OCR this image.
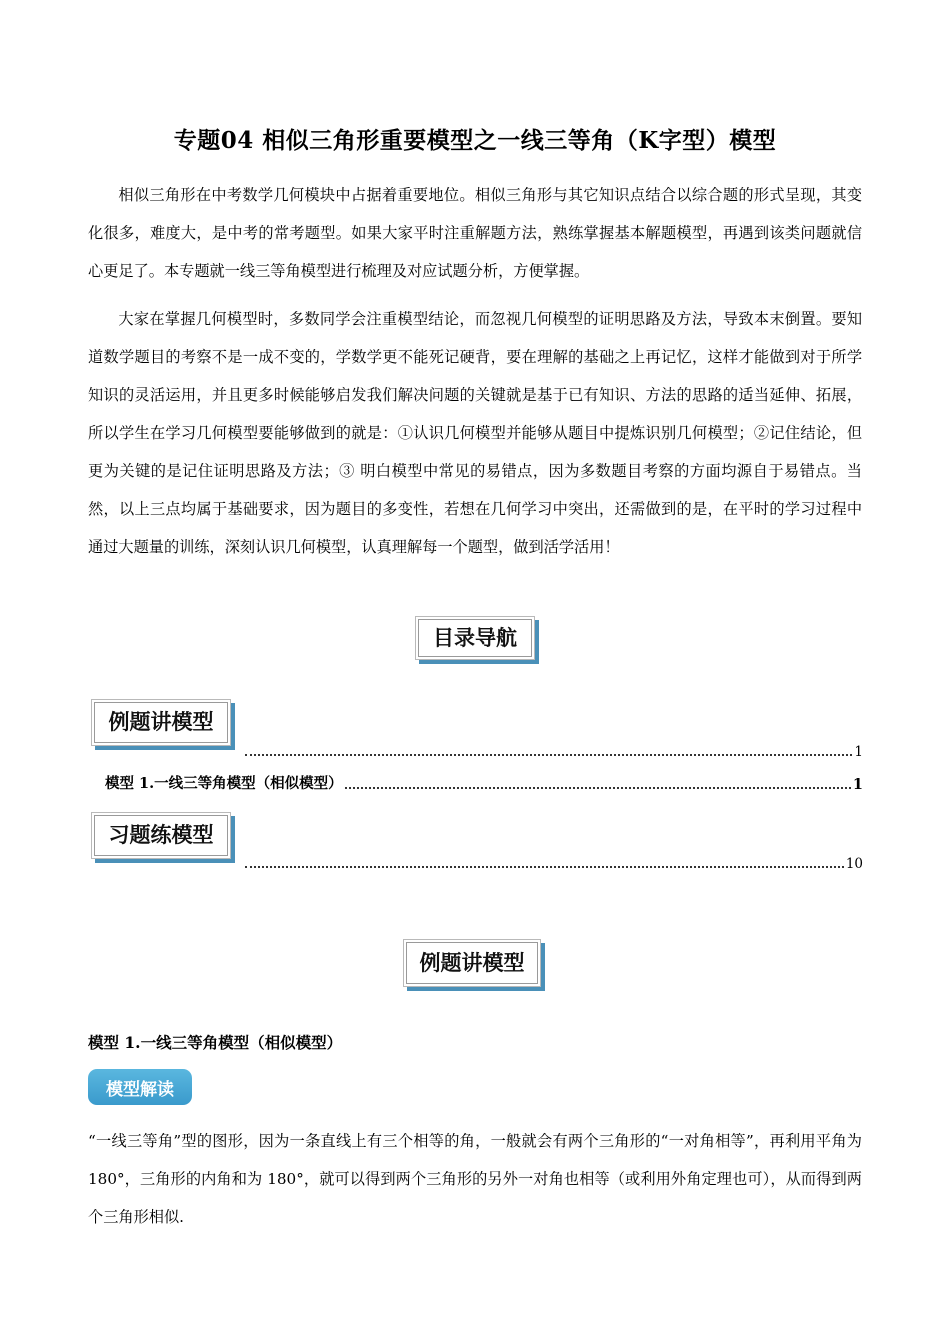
专题04 相似三角形重要模型之一线三等角（K字型）模型

相似三角形在中考数学几何模块中占据着重要地位。相似三角形与其它知识点结合以综合题的形式呈现，其变化很多，难度大，是中考的常考题型。如果大家平时注重解题方法，熟练掌握基本解题模型，再遇到该类问题就信心更足了。本专题就一线三等角模型进行梳理及对应试题分析，方便掌握。

大家在掌握几何模型时，多数同学会注重模型结论，而忽视几何模型的证明思路及方法，导致本末倒置。要知道数学题目的考察不是一成不变的，学数学更不能死记硬背，要在理解的基础之上再记忆，这样才能做到对于所学知识的灵活运用，并且更多时候能够启发我们解决问题的关键就是基于已有知识、方法的思路的适当延伸、拓展，所以学生在学习几何模型要能够做到的就是：①认识几何模型并能够从题目中提炼识别几何模型；②记住结论，但更为关键的是记住证明思路及方法；③ 明白模型中常见的易错点，因为多数题目考察的方面均源自于易错点。当然，以上三点均属于基础要求，因为题目的多变性，若想在几何学习中突出，还需做到的是，在平时的学习过程中通过大题量的训练，深刻认识几何模型，认真理解每一个题型，做到活学活用！

目录导航
例题讲模型
1
模型 1.一线三等角模型（相似模型）	1
习题练模型
10
例题讲模型
模型 1.一线三等角模型（相似模型）
模型解读

“一线三等角”型的图形，因为一条直线上有三个相等的角，一般就会有两个三角形的“一对角相等”，再利用平角为 180°，三角形的内角和为 180°，就可以得到两个三角形的另外一对角也相等（或利用外角定理也可），从而得到两个三角形相似.
